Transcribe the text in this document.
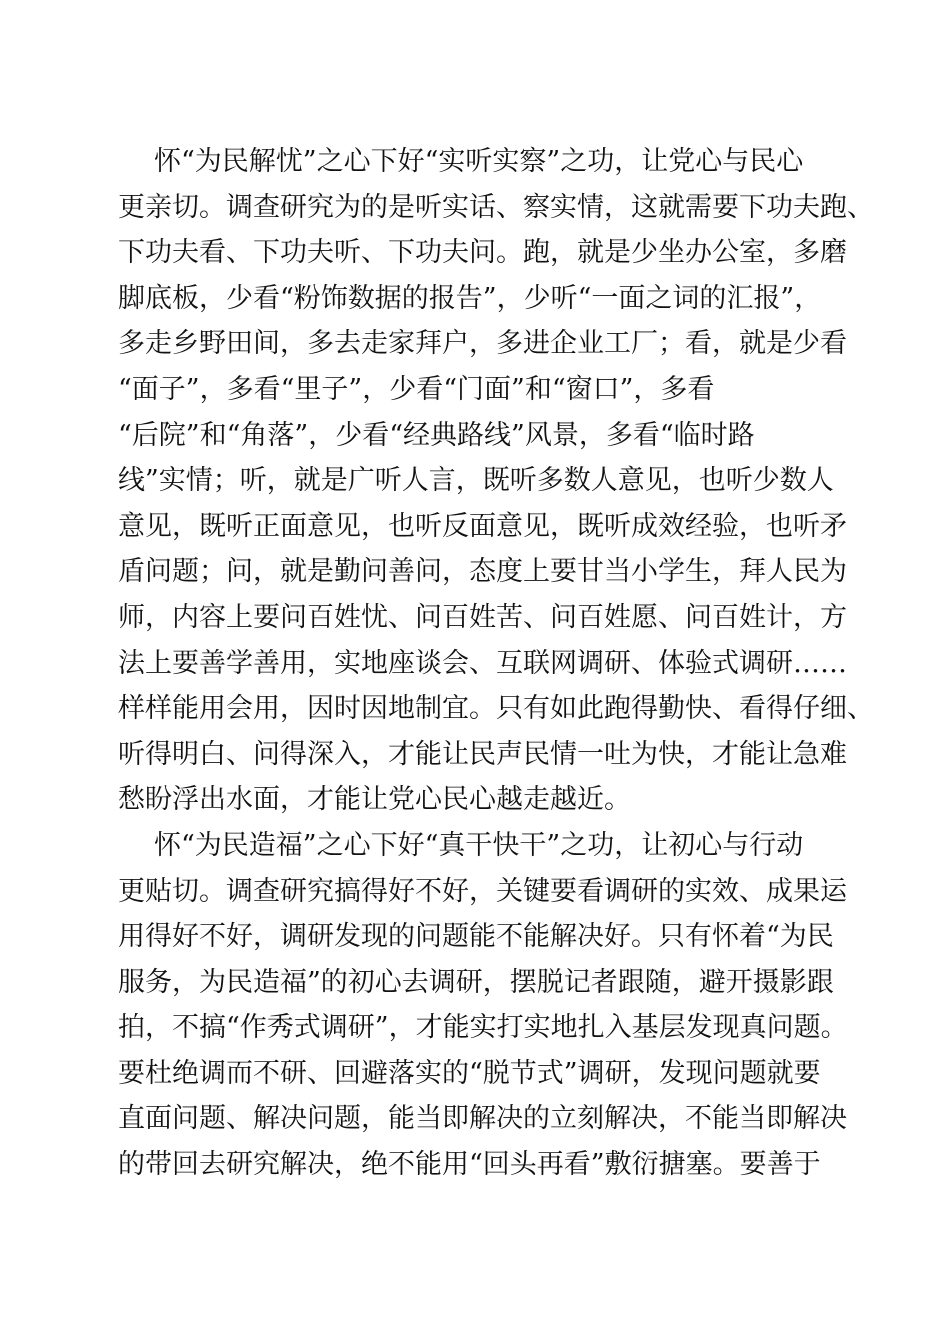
怀“为民解忧”之心下好“实听实察”之功，让党心与民心
更亲切。调查研究为的是听实话、察实情，这就需要下功夫跑、
下功夫看、下功夫听、下功夫问。跑，就是少坐办公室，多磨
脚底板，少看“粉饰数据的报告”，少听“一面之词的汇报”，
多走乡野田间，多去走家拜户，多进企业工厂；看，就是少看
“面子”，多看“里子”，少看“门面”和“窗口”，多看
“后院”和“角落”，少看“经典路线”风景，多看“临时路
线”实情；听，就是广听人言，既听多数人意见，也听少数人
意见，既听正面意见，也听反面意见，既听成效经验，也听矛
盾问题；问，就是勤问善问，态度上要甘当小学生，拜人民为
师，内容上要问百姓忧、问百姓苦、问百姓愿、问百姓计，方
法上要善学善用，实地座谈会、互联网调研、体验式调研……
样样能用会用，因时因地制宜。只有如此跑得勤快、看得仔细、
听得明白、问得深入，才能让民声民情一吐为快，才能让急难
愁盼浮出水面，才能让党心民心越走越近。
怀“为民造福”之心下好“真干快干”之功，让初心与行动
更贴切。调查研究搞得好不好，关键要看调研的实效、成果运
用得好不好，调研发现的问题能不能解决好。只有怀着“为民
服务，为民造福”的初心去调研，摆脱记者跟随，避开摄影跟
拍，不搞“作秀式调研”，才能实打实地扎入基层发现真问题。
要杜绝调而不研、回避落实的“脱节式”调研，发现问题就要
直面问题、解决问题，能当即解决的立刻解决，不能当即解决
的带回去研究解决，绝不能用“回头再看”敷衍搪塞。要善于
